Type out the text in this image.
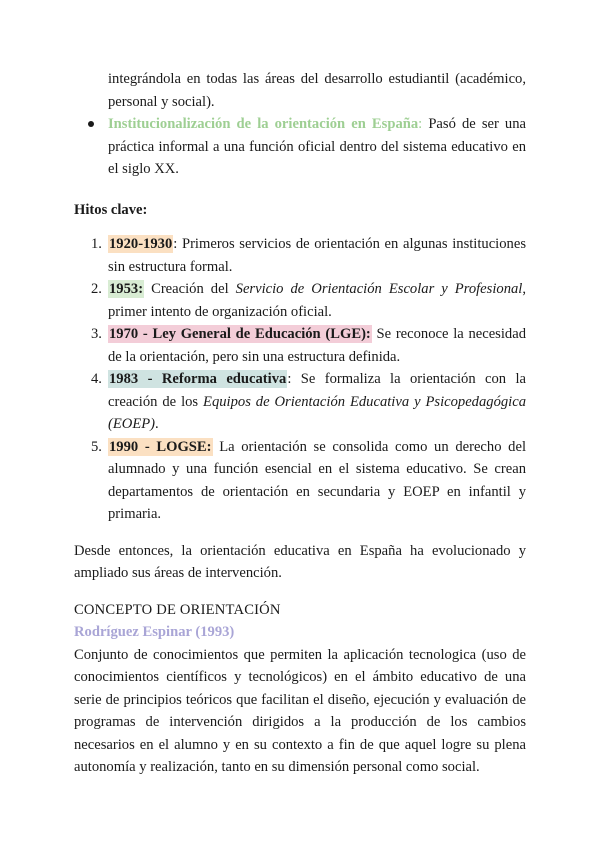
integrándola en todas las áreas del desarrollo estudiantil (académico, personal y social).
Institucionalización de la orientación en España: Pasó de ser una práctica informal a una función oficial dentro del sistema educativo en el siglo XX.
Hitos clave:
1. 1920-1930: Primeros servicios de orientación en algunas instituciones sin estructura formal.
2. 1953: Creación del Servicio de Orientación Escolar y Profesional, primer intento de organización oficial.
3. 1970 - Ley General de Educación (LGE): Se reconoce la necesidad de la orientación, pero sin una estructura definida.
4. 1983 - Reforma educativa: Se formaliza la orientación con la creación de los Equipos de Orientación Educativa y Psicopedagógica (EOEP).
5. 1990 - LOGSE: La orientación se consolida como un derecho del alumnado y una función esencial en el sistema educativo. Se crean departamentos de orientación en secundaria y EOEP en infantil y primaria.

Desde entonces, la orientación educativa en España ha evolucionado y ampliado sus áreas de intervención.

CONCEPTO DE ORIENTACIÓN
Rodríguez Espinar (1993)

Conjunto de conocimientos que permiten la aplicación tecnologica (uso de conocimientos científicos y tecnológicos) en el ámbito educativo de una serie de principios teóricos que facilitan el diseño, ejecución y evaluación de programas de intervención dirigidos a la producción de los cambios necesarios en el alumno y en su contexto a fin de que aquel logre su plena autonomía y realización, tanto en su dimensión personal como social.
